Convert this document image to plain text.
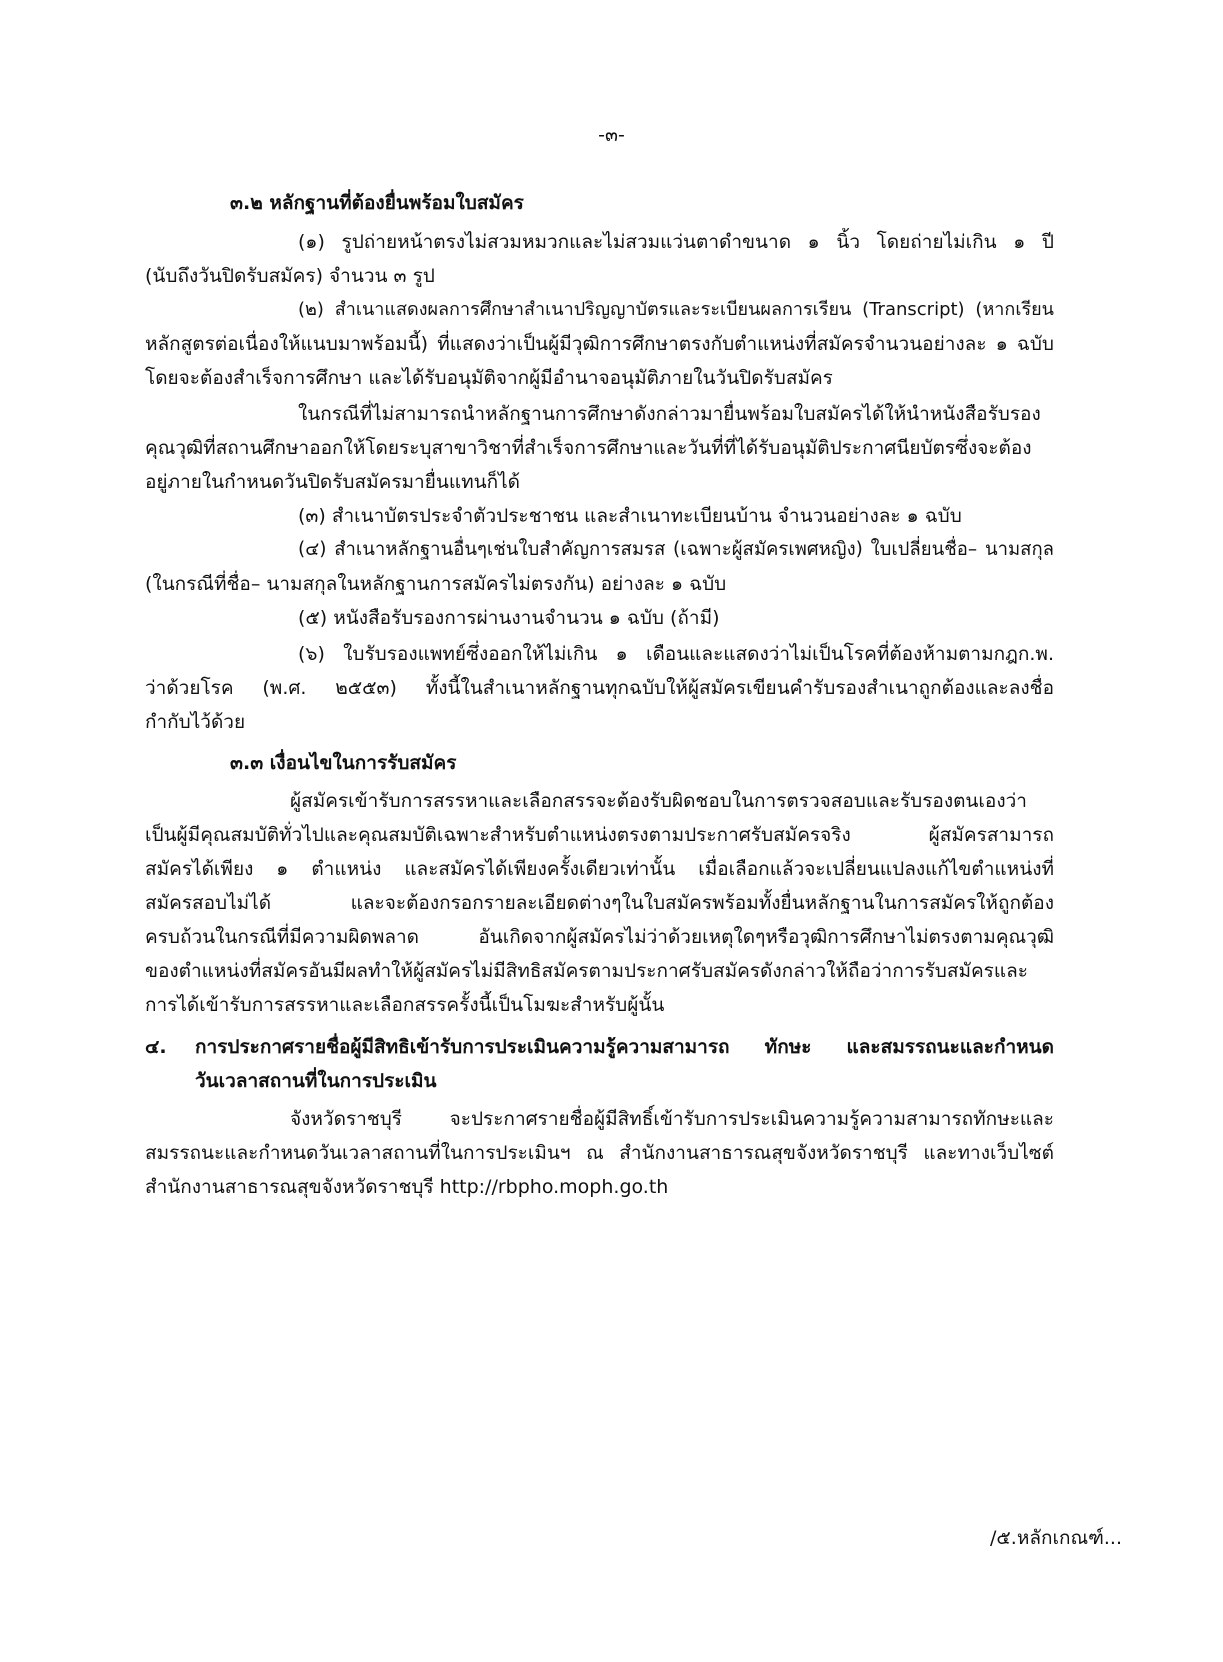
-๓-
๓.๒ หลักฐานที่ต้องยื่นพร้อมใบสมัคร
(๑) รูปถ่ายหน้าตรงไม่สวมหมวกและไม่สวมแว่นตาดำขนาด ๑ นิ้ว โดยถ่ายไม่เกิน ๑ ปี
(นับถึงวันปิดรับสมัคร) จำนวน ๓ รูป
(๒) สำเนาแสดงผลการศึกษาสำเนาปริญญาบัตรและระเบียนผลการเรียน (Transcript) (หากเรียน
หลักสูตรต่อเนื่องให้แนบมาพร้อมนี้) ที่แสดงว่าเป็นผู้มีวุฒิการศึกษาตรงกับตำแหน่งที่สมัครจำนวนอย่างละ ๑ ฉบับ
โดยจะต้องสำเร็จการศึกษา และได้รับอนุมัติจากผู้มีอำนาจอนุมัติภายในวันปิดรับสมัคร
ในกรณีที่ไม่สามารถนำหลักฐานการศึกษาดังกล่าวมายื่นพร้อมใบสมัครได้ให้นำหนังสือรับรอง
คุณวุฒิที่สถานศึกษาออกให้โดยระบุสาขาวิชาที่สำเร็จการศึกษาและวันที่ที่ได้รับอนุมัติประกาศนียบัตรซึ่งจะต้อง
อยู่ภายในกำหนดวันปิดรับสมัครมายื่นแทนก็ได้
(๓) สำเนาบัตรประจำตัวประชาชน และสำเนาทะเบียนบ้าน จำนวนอย่างละ ๑ ฉบับ
(๔) สำเนาหลักฐานอื่นๆเช่นใบสำคัญการสมรส (เฉพาะผู้สมัครเพศหญิง) ใบเปลี่ยนชื่อ– นามสกุล
(ในกรณีที่ชื่อ– นามสกุลในหลักฐานการสมัครไม่ตรงกัน) อย่างละ ๑ ฉบับ
(๕) หนังสือรับรองการผ่านงานจำนวน ๑ ฉบับ (ถ้ามี)
(๖) ใบรับรองแพทย์ซึ่งออกให้ไม่เกิน ๑ เดือนและแสดงว่าไม่เป็นโรคที่ต้องห้ามตามกฎก.พ.
ว่าด้วยโรค (พ.ศ. ๒๕๕๓) ทั้งนี้ในสำเนาหลักฐานทุกฉบับให้ผู้สมัครเขียนคำรับรองสำเนาถูกต้องและลงชื่อ
กำกับไว้ด้วย
๓.๓ เงื่อนไขในการรับสมัคร
ผู้สมัครเข้ารับการสรรหาและเลือกสรรจะต้องรับผิดชอบในการตรวจสอบและรับรองตนเองว่า
เป็นผู้มีคุณสมบัติทั่วไปและคุณสมบัติเฉพาะสำหรับตำแหน่งตรงตามประกาศรับสมัครจริง ผู้สมัครสามารถ
สมัครได้เพียง ๑ ตำแหน่ง และสมัครได้เพียงครั้งเดียวเท่านั้น เมื่อเลือกแล้วจะเปลี่ยนแปลงแก้ไขตำแหน่งที่
สมัครสอบไม่ได้ และจะต้องกรอกรายละเอียดต่างๆในใบสมัครพร้อมทั้งยื่นหลักฐานในการสมัครให้ถูกต้อง
ครบถ้วนในกรณีที่มีความผิดพลาด อันเกิดจากผู้สมัครไม่ว่าด้วยเหตุใดๆหรือวุฒิการศึกษาไม่ตรงตามคุณวุฒิ
ของตำแหน่งที่สมัครอันมีผลทำให้ผู้สมัครไม่มีสิทธิสมัครตามประกาศรับสมัครดังกล่าวให้ถือว่าการรับสมัครและ
การได้เข้ารับการสรรหาและเลือกสรรครั้งนี้เป็นโมฆะสำหรับผู้นั้น
๔. การประกาศรายชื่อผู้มีสิทธิเข้ารับการประเมินความรู้ความสามารถ ทักษะ และสมรรถนะและกำหนด
วันเวลาสถานที่ในการประเมิน
จังหวัดราชบุรี จะประกาศรายชื่อผู้มีสิทธิ์เข้ารับการประเมินความรู้ความสามารถทักษะและ
สมรรถนะและกำหนดวันเวลาสถานที่ในการประเมินฯ ณ สำนักงานสาธารณสุขจังหวัดราชบุรี และทางเว็บไซต์
สำนักงานสาธารณสุขจังหวัดราชบุรี http://rbpho.moph.go.th
/๕.หลักเกณฑ์...
